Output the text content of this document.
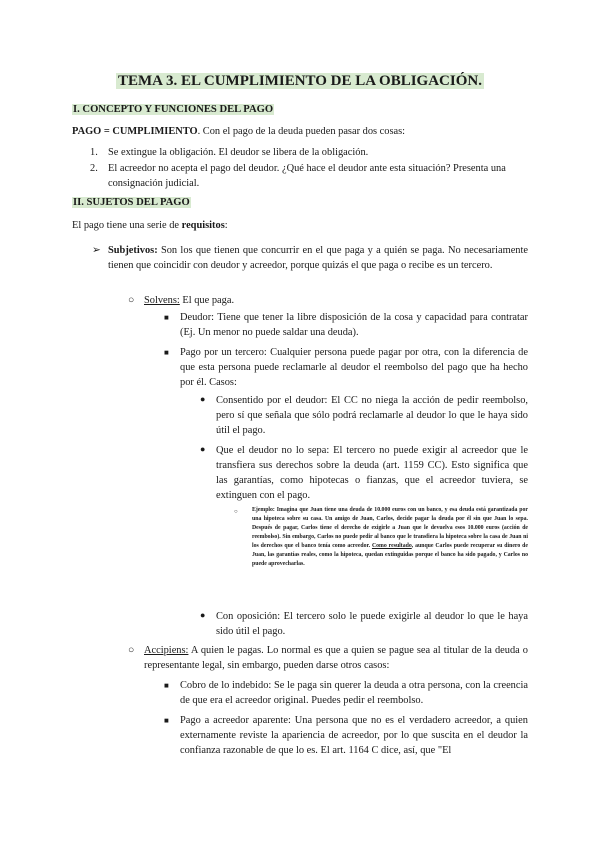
TEMA 3. EL CUMPLIMIENTO DE LA OBLIGACIÓN.
I. CONCEPTO Y FUNCIONES DEL PAGO
PAGO = CUMPLIMIENTO. Con el pago de la deuda pueden pasar dos cosas:
1. Se extingue la obligación. El deudor se libera de la obligación.
2. El acreedor no acepta el pago del deudor. ¿Qué hace el deudor ante esta situación? Presenta una consignación judicial.
II. SUJETOS DEL PAGO
El pago tiene una serie de requisitos:
➢ Subjetivos: Son los que tienen que concurrir en el que paga y a quién se paga. No necesariamente tienen que coincidir con deudor y acreedor, porque quizás el que paga o recibe es un tercero.
○ Solvens: El que paga.
■ Deudor: Tiene que tener la libre disposición de la cosa y capacidad para contratar (Ej. Un menor no puede saldar una deuda).
■ Pago por un tercero: Cualquier persona puede pagar por otra, con la diferencia de que esta persona puede reclamarle al deudor el reembolso del pago que ha hecho por él. Casos:
● Consentido por el deudor: El CC no niega la acción de pedir reembolso, pero sí que señala que sólo podrá reclamarle al deudor lo que le haya sido útil el pago.
● Que el deudor no lo sepa: El tercero no puede exigir al acreedor que le transfiera sus derechos sobre la deuda (art. 1159 CC). Esto significa que las garantías, como hipotecas o fianzas, que el acreedor tuviera, se extinguen con el pago.
○ Ejemplo: Imagina que Juan tiene una deuda de 10.000 euros con un banco, y esa deuda está garantizada por una hipoteca sobre su casa. Un amigo de Juan, Carlos, decide pagar la deuda por él sin que Juan lo sepa. Después de pagar, Carlos tiene el derecho de exigirle a Juan que le devuelva esos 10.000 euros (acción de reembolso). Sin embargo, Carlos no puede pedir al banco que le transfiera la hipoteca sobre la casa de Juan ni los derechos que el banco tenía como acreedor. Como resultado, aunque Carlos puede recuperar su dinero de Juan, las garantías reales, como la hipoteca, quedan extinguidas porque el banco ha sido pagado, y Carlos no puede aprovecharlas.
● Con oposición: El tercero solo le puede exigirle al deudor lo que le haya sido útil el pago.
○ Accipiens: A quien le pagas. Lo normal es que a quien se pague sea al titular de la deuda o representante legal, sin embargo, pueden darse otros casos:
■ Cobro de lo indebido: Se le paga sin querer la deuda a otra persona, con la creencia de que era el acreedor original. Puedes pedir el reembolso.
■ Pago a acreedor aparente: Una persona que no es el verdadero acreedor, a quien externamente reviste la apariencia de acreedor, por lo que suscita en el deudor la confianza razonable de que lo es. El art. 1164 C dice, así, que "El
